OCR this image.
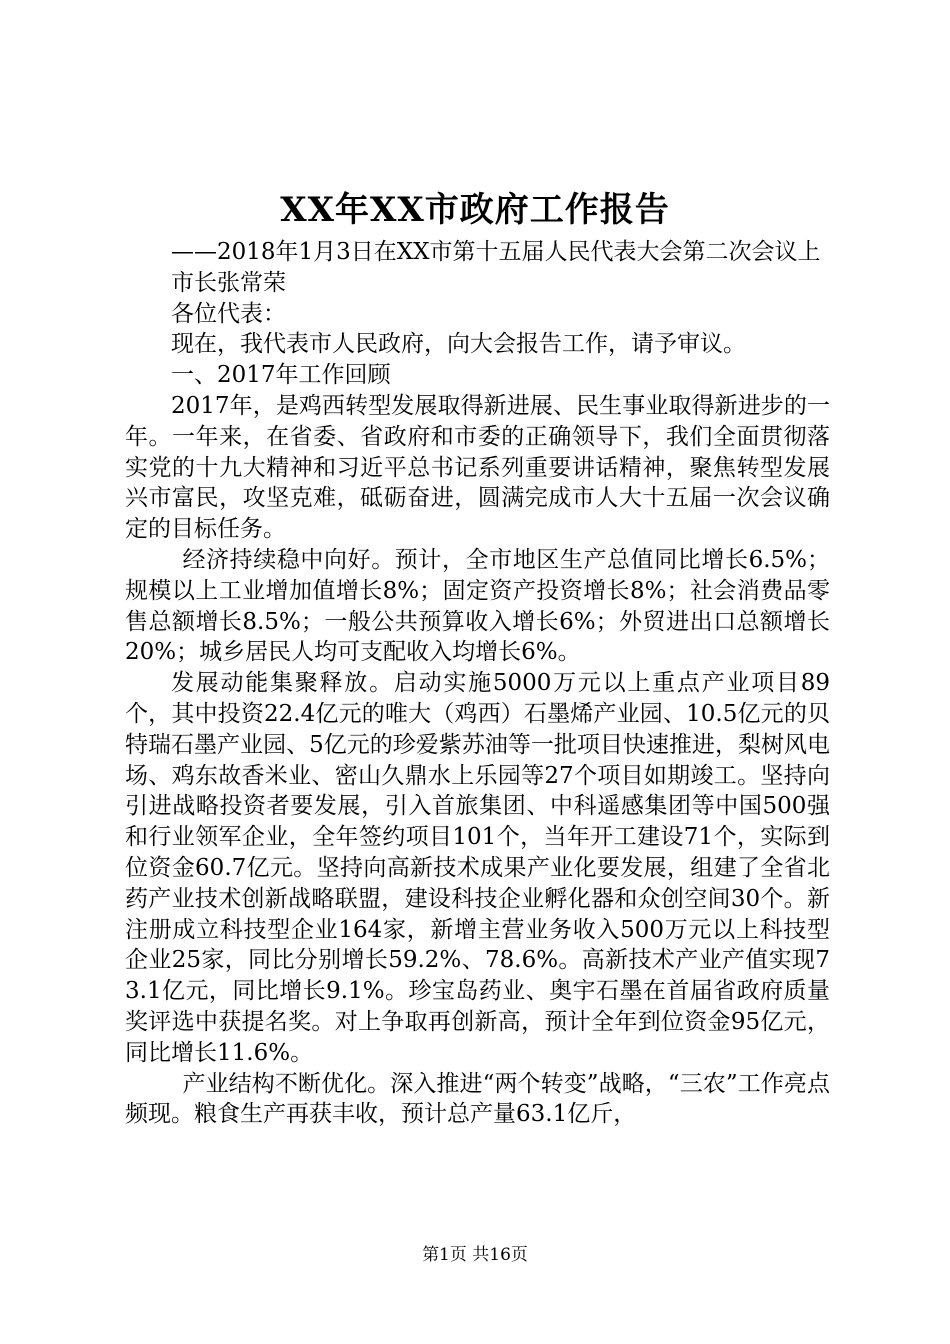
XX年XX市政府工作报告

——2018年1月3日在XX市第十五届人民代表大会第二次会议上

市长张常荣

各位代表：

现在，我代表市人民政府，向大会报告工作，请予审议。

一、2017年工作回顾

2017年，是鸡西转型发展取得新进展、民生事业取得新进步的一年。一年来，在省委、省政府和市委的正确领导下，我们全面贯彻落实党的十九大精神和习近平总书记系列重要讲话精神，聚焦转型发展兴市富民，攻坚克难，砥砺奋进，圆满完成市人大十五届一次会议确定的目标任务。

经济持续稳中向好。预计，全市地区生产总值同比增长6.5%；规模以上工业增加值增长8%；固定资产投资增长8%；社会消费品零售总额增长8.5%；一般公共预算收入增长6%；外贸进出口总额增长20%；城乡居民人均可支配收入均增长6%。

发展动能集聚释放。启动实施5000万元以上重点产业项目89个，其中投资22.4亿元的唯大（鸡西）石墨烯产业园、10.5亿元的贝特瑞石墨产业园、5亿元的珍爱紫苏油等一批项目快速推进，梨树风电场、鸡东故香米业、密山久鼎水上乐园等27个项目如期竣工。坚持向引进战略投资者要发展，引入首旅集团、中科遥感集团等中国500强和行业领军企业，全年签约项目101个，当年开工建设71个，实际到位资金60.7亿元。坚持向高新技术成果产业化要发展，组建了全省北药产业技术创新战略联盟，建设科技企业孵化器和众创空间30个。新注册成立科技型企业164家，新增主营业务收入500万元以上科技型企业25家，同比分别增长59.2%、78.6%。高新技术产业产值实现73.1亿元，同比增长9.1%。珍宝岛药业、奥宇石墨在首届省政府质量奖评选中获提名奖。对上争取再创新高，预计全年到位资金95亿元，同比增长11.6%。

产业结构不断优化。深入推进“两个转变”战略，“三农”工作亮点频现。粮食生产再获丰收，预计总产量63.1亿斤，

第1页 共16页
